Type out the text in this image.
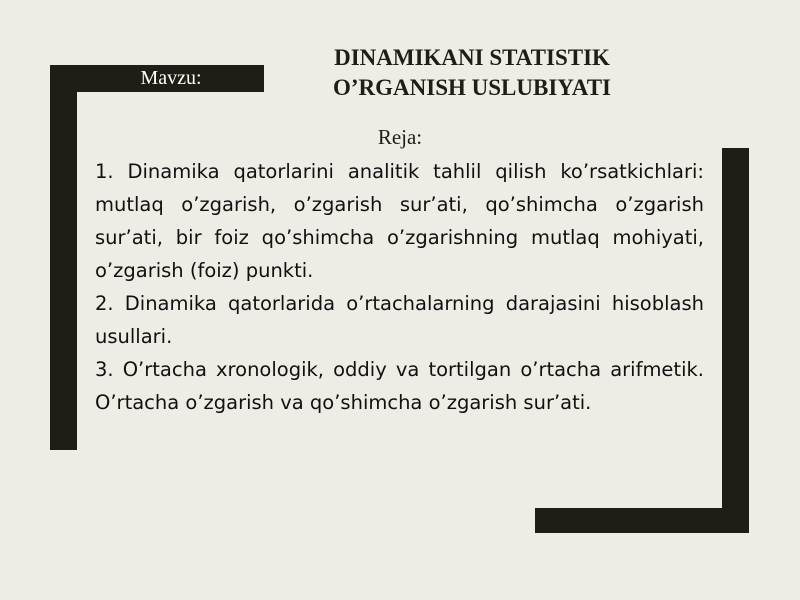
Mavzu:
DINAMIKANI STATISTIK
O’RGANISH USLUBIYATI
Reja:

1. Dinamika qatorlarini analitik tahlil qilish ko’rsatkichlari: mutlaq o’zgarish, o’zgarish sur’ati, qo’shimcha o’zgarish sur’ati, bir foiz qo’shimcha o’zgarishning mutlaq mohiyati, o’zgarish (foiz) punkti.

2. Dinamika qatorlarida o’rtachalarning darajasini hisoblash usullari.

3. O’rtacha xronologik, oddiy va tortilgan o’rtacha arifmetik. O’rtacha o’zgarish va qo’shimcha o’zgarish sur’ati.
